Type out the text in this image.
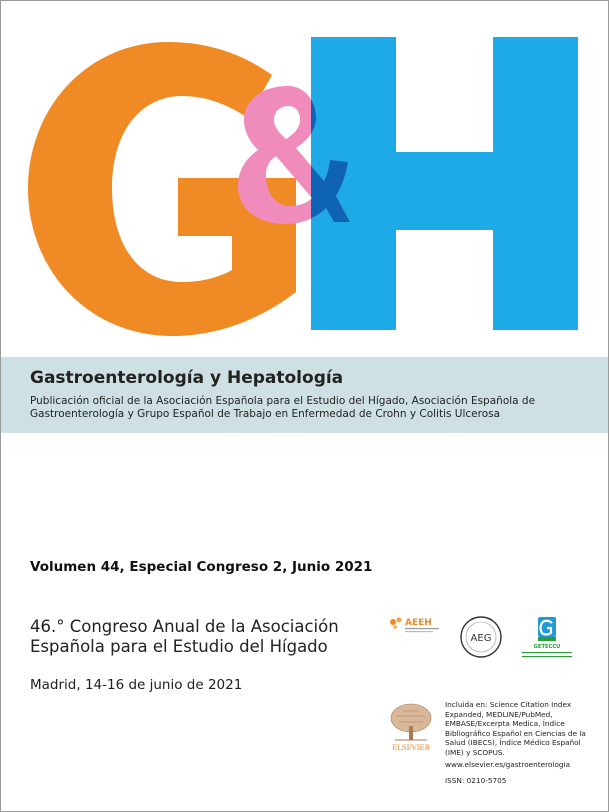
Gastroenterología y Hepatología
Publicación oficial de la Asociación Española para el Estudio del Hígado, Asociación Española de Gastroenterología y Grupo Español de Trabajo en Enfermedad de Crohn y Colitis Ulcerosa
Volumen 44, Especial Congreso 2, Junio 2021
46.° Congreso Anual de la Asociación Española para el Estudio del Hígado
Madrid, 14-16 de junio de 2021
AEEH
AEG
GETECCU
ELSEVIER
Incluida en: Science Citation Index Expanded, MEDLINE/PubMed, EMBASE/Excerpta Medica, Índice Bibliográfico Español en Ciencias de la Salud (IBECS), Índice Médico Español (IME) y SCOPUS.
www.elsevier.es/gastroenterologia
ISSN: 0210-5705
